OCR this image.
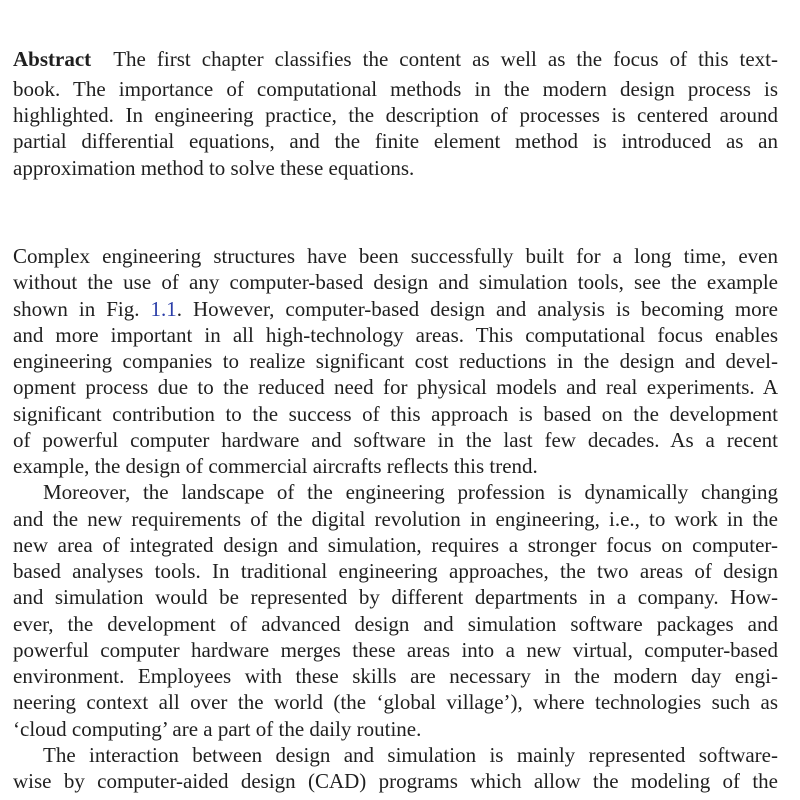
Abstract The first chapter classifies the content as well as the focus of this text-
book. The importance of computational methods in the modern design process is
highlighted. In engineering practice, the description of processes is centered around
partial differential equations, and the finite element method is introduced as an
approximation method to solve these equations.
Complex engineering structures have been successfully built for a long time, even
without the use of any computer-based design and simulation tools, see the example
shown in Fig. 1.1. However, computer-based design and analysis is becoming more
and more important in all high-technology areas. This computational focus enables
engineering companies to realize significant cost reductions in the design and devel-
opment process due to the reduced need for physical models and real experiments. A
significant contribution to the success of this approach is based on the development
of powerful computer hardware and software in the last few decades. As a recent
example, the design of commercial aircrafts reflects this trend.
Moreover, the landscape of the engineering profession is dynamically changing
and the new requirements of the digital revolution in engineering, i.e., to work in the
new area of integrated design and simulation, requires a stronger focus on computer-
based analyses tools. In traditional engineering approaches, the two areas of design
and simulation would be represented by different departments in a company. How-
ever, the development of advanced design and simulation software packages and
powerful computer hardware merges these areas into a new virtual, computer-based
environment. Employees with these skills are necessary in the modern day engi-
neering context all over the world (the ‘global village’), where technologies such as
‘cloud computing’ are a part of the daily routine.
The interaction between design and simulation is mainly represented software-
wise by computer-aided design (CAD) programs which allow the modeling of the
